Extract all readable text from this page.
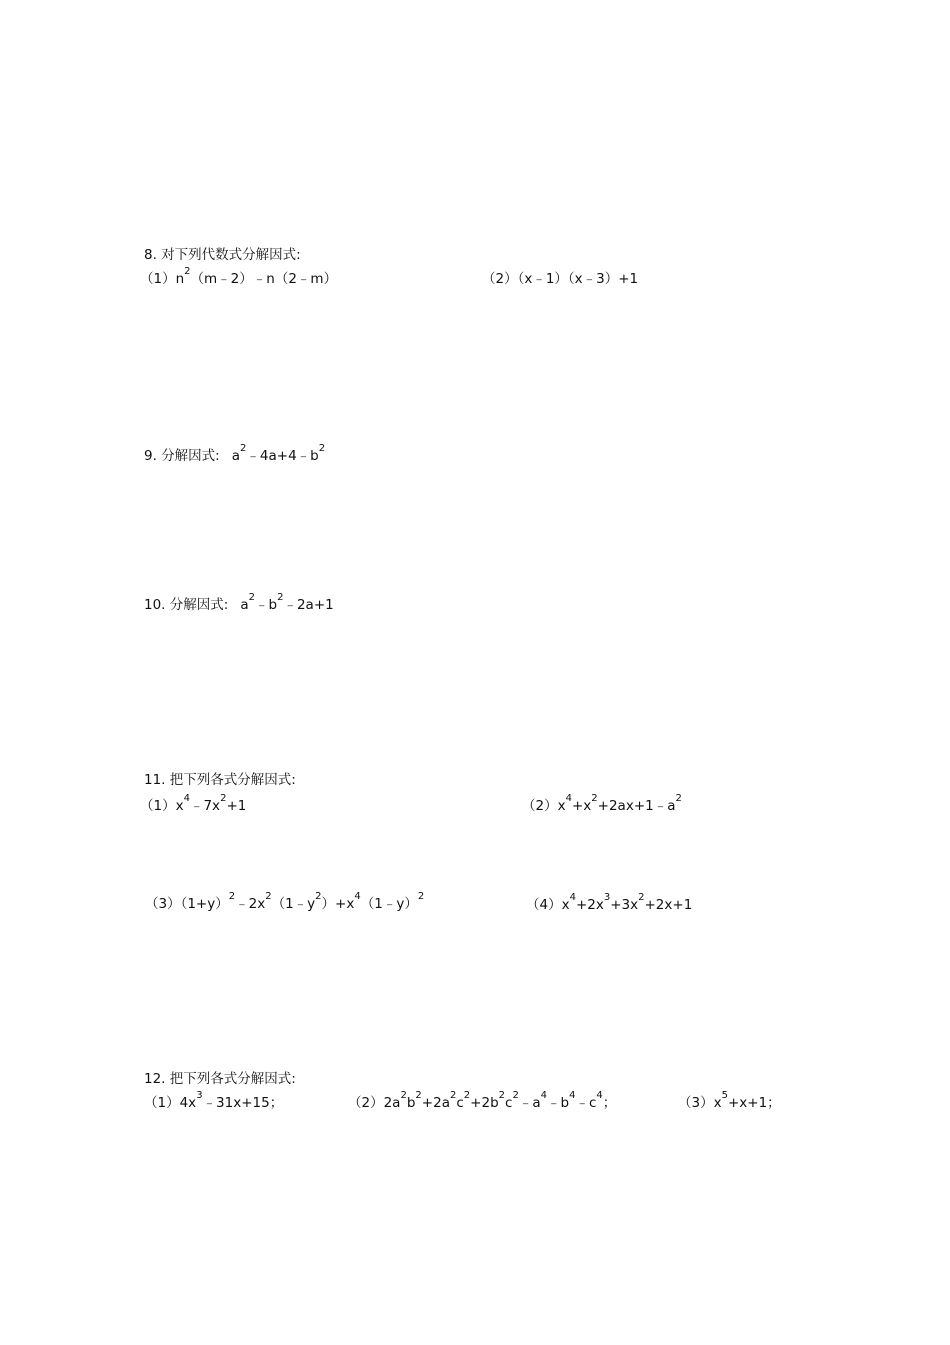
8. 对下列代数式分解因式:
$(1)n^2(m﹣2)﹣n(2﹣m)$	（2）（x﹣1）（x﹣3）+1
9. 分解因式: $a^2﹣4a+4﹣b^2$
10. 分解因式: $a^2﹣b^2﹣2a+1$
11. 把下列各式分解因式:
$(1)x^4﹣7x^2+1$	$(2)x^4+x^2+2ax+1﹣a^2$
$(3)(1+y)^2﹣2x^2(1﹣y^2)+x^4(1﹣y)^2$
$(4)x^4+2x^3+3x^2+2x+1$
12. 把下列各式分解因式:
$(1)4x^3﹣31x+15$；	$(2)2a^2b^2+2a^2c^2+2b^2c^2﹣a^4﹣b^4﹣c^4$；	$(3)x^5+x+1$；
